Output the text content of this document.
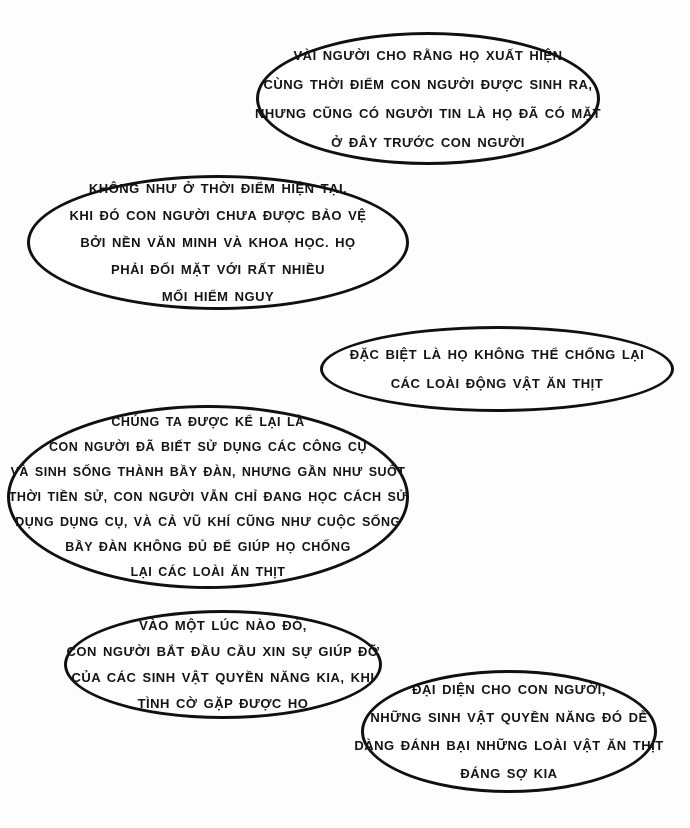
VÀI NGƯỜI CHO RẰNG HỌ XUẤT HIỆN
CÙNG THỜI ĐIỂM CON NGƯỜI ĐƯỢC SINH RA,
NHƯNG CŨNG CÓ NGƯỜI TIN LÀ HỌ ĐÃ CÓ MẶT
Ở ĐÂY TRƯỚC CON NGƯỜI
KHÔNG NHƯ Ở THỜI ĐIỂM HIỆN TẠI,
KHI ĐÓ CON NGƯỜI CHƯA ĐƯỢC BẢO VỆ
BỞI NỀN VĂN MINH VÀ KHOA HỌC. HỌ
PHẢI ĐỐI MẶT VỚI RẤT NHIỀU
MỐI HIỂM NGUY
ĐẶC BIỆT LÀ HỌ KHÔNG THỂ CHỐNG LẠI
CÁC LOÀI ĐỘNG VẬT ĂN THỊT
CHÚNG TA ĐƯỢC KỂ LẠI LÀ
CON NGƯỜI ĐÃ BIẾT SỬ DỤNG CÁC CÔNG CỤ
VÀ SINH SỐNG THÀNH BẦY ĐÀN, NHƯNG GẦN NHƯ SUỐT
THỜI TIỀN SỬ, CON NGƯỜI VẪN CHỈ ĐANG HỌC CÁCH SỬ
DỤNG DỤNG CỤ, VÀ CẢ VŨ KHÍ CŨNG NHƯ CUỘC SỐNG
BẦY ĐÀN KHÔNG ĐỦ ĐỂ GIÚP HỌ CHỐNG
LẠI CÁC LOÀI ĂN THỊT
VÀO MỘT LÚC NÀO ĐÓ,
CON NGƯỜI BẮT ĐẦU CẦU XIN SỰ GIÚP ĐỠ
CỦA CÁC SINH VẬT QUYỀN NĂNG KIA, KHI
TÌNH CỜ GẶP ĐƯỢC HỌ
ĐẠI DIỆN CHO CON NGƯỜI,
NHỮNG SINH VẬT QUYỀN NĂNG ĐÓ DỄ
DÀNG ĐÁNH BẠI NHỮNG LOÀI VẬT ĂN THỊT
ĐÁNG SỢ KIA
